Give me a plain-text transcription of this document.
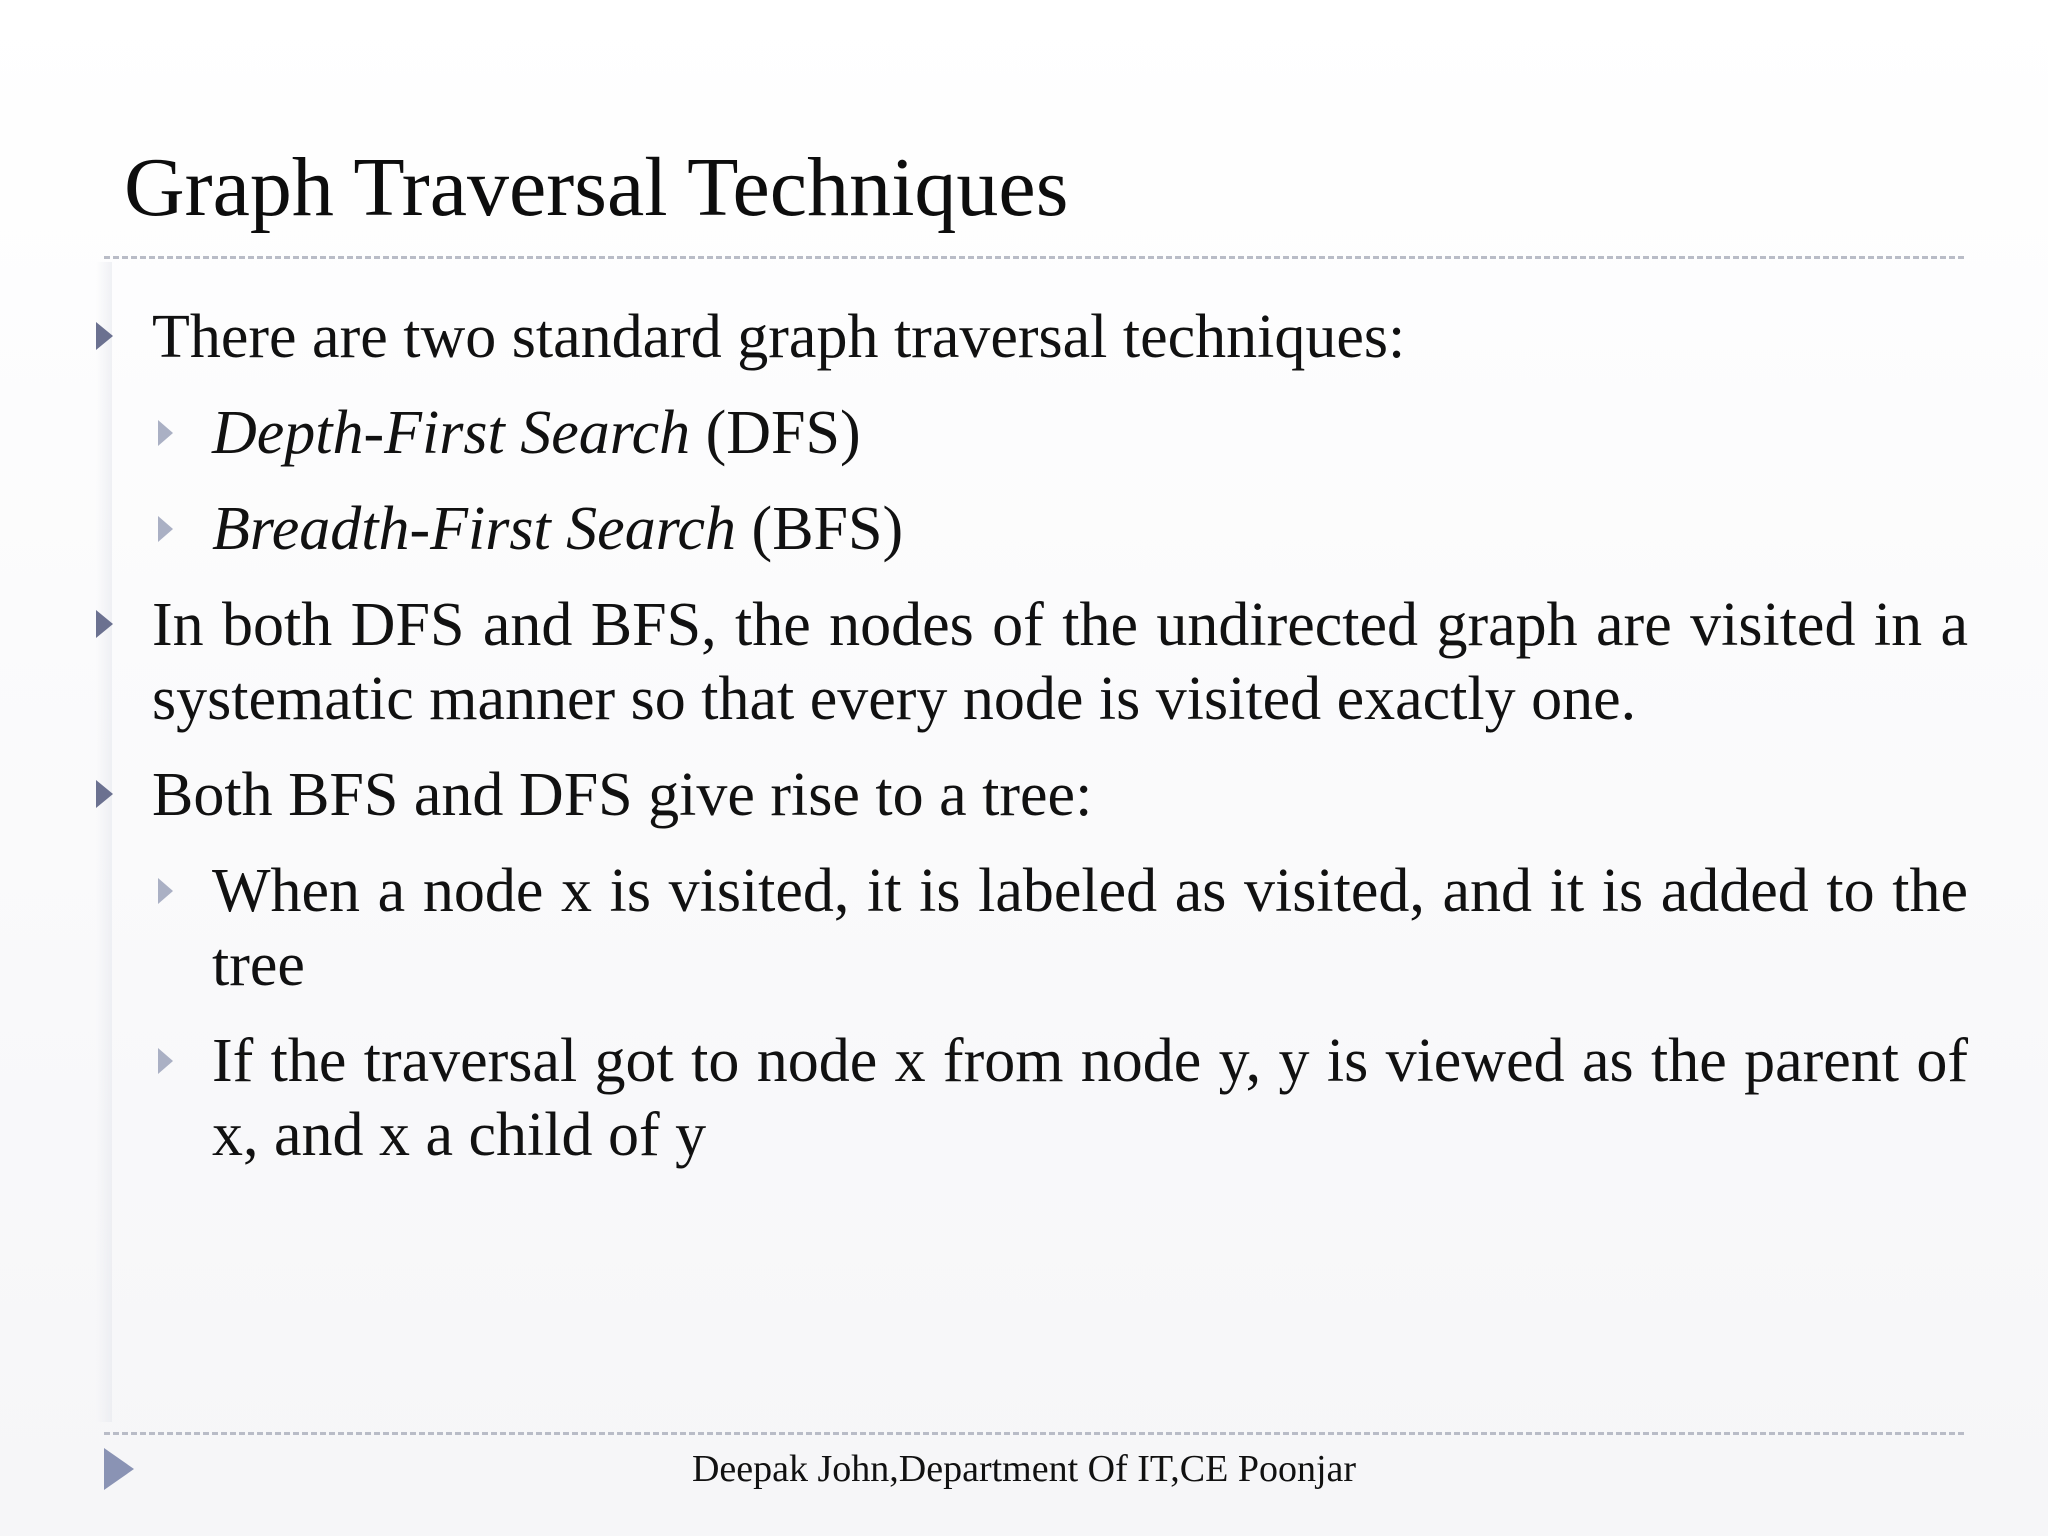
Graph Traversal Techniques
There are two standard graph traversal techniques:
Depth-First Search (DFS)
Breadth-First Search (BFS)
In both DFS and BFS, the nodes of the undirected graph are visited in a systematic manner so that every node is visited exactly one.
Both BFS and DFS give rise to a tree:
When a node x is visited, it is labeled as visited, and it is added to the tree
If the traversal got to node x from node y, y is viewed as the parent of x, and x a child of y
Deepak John,Department Of IT,CE Poonjar
